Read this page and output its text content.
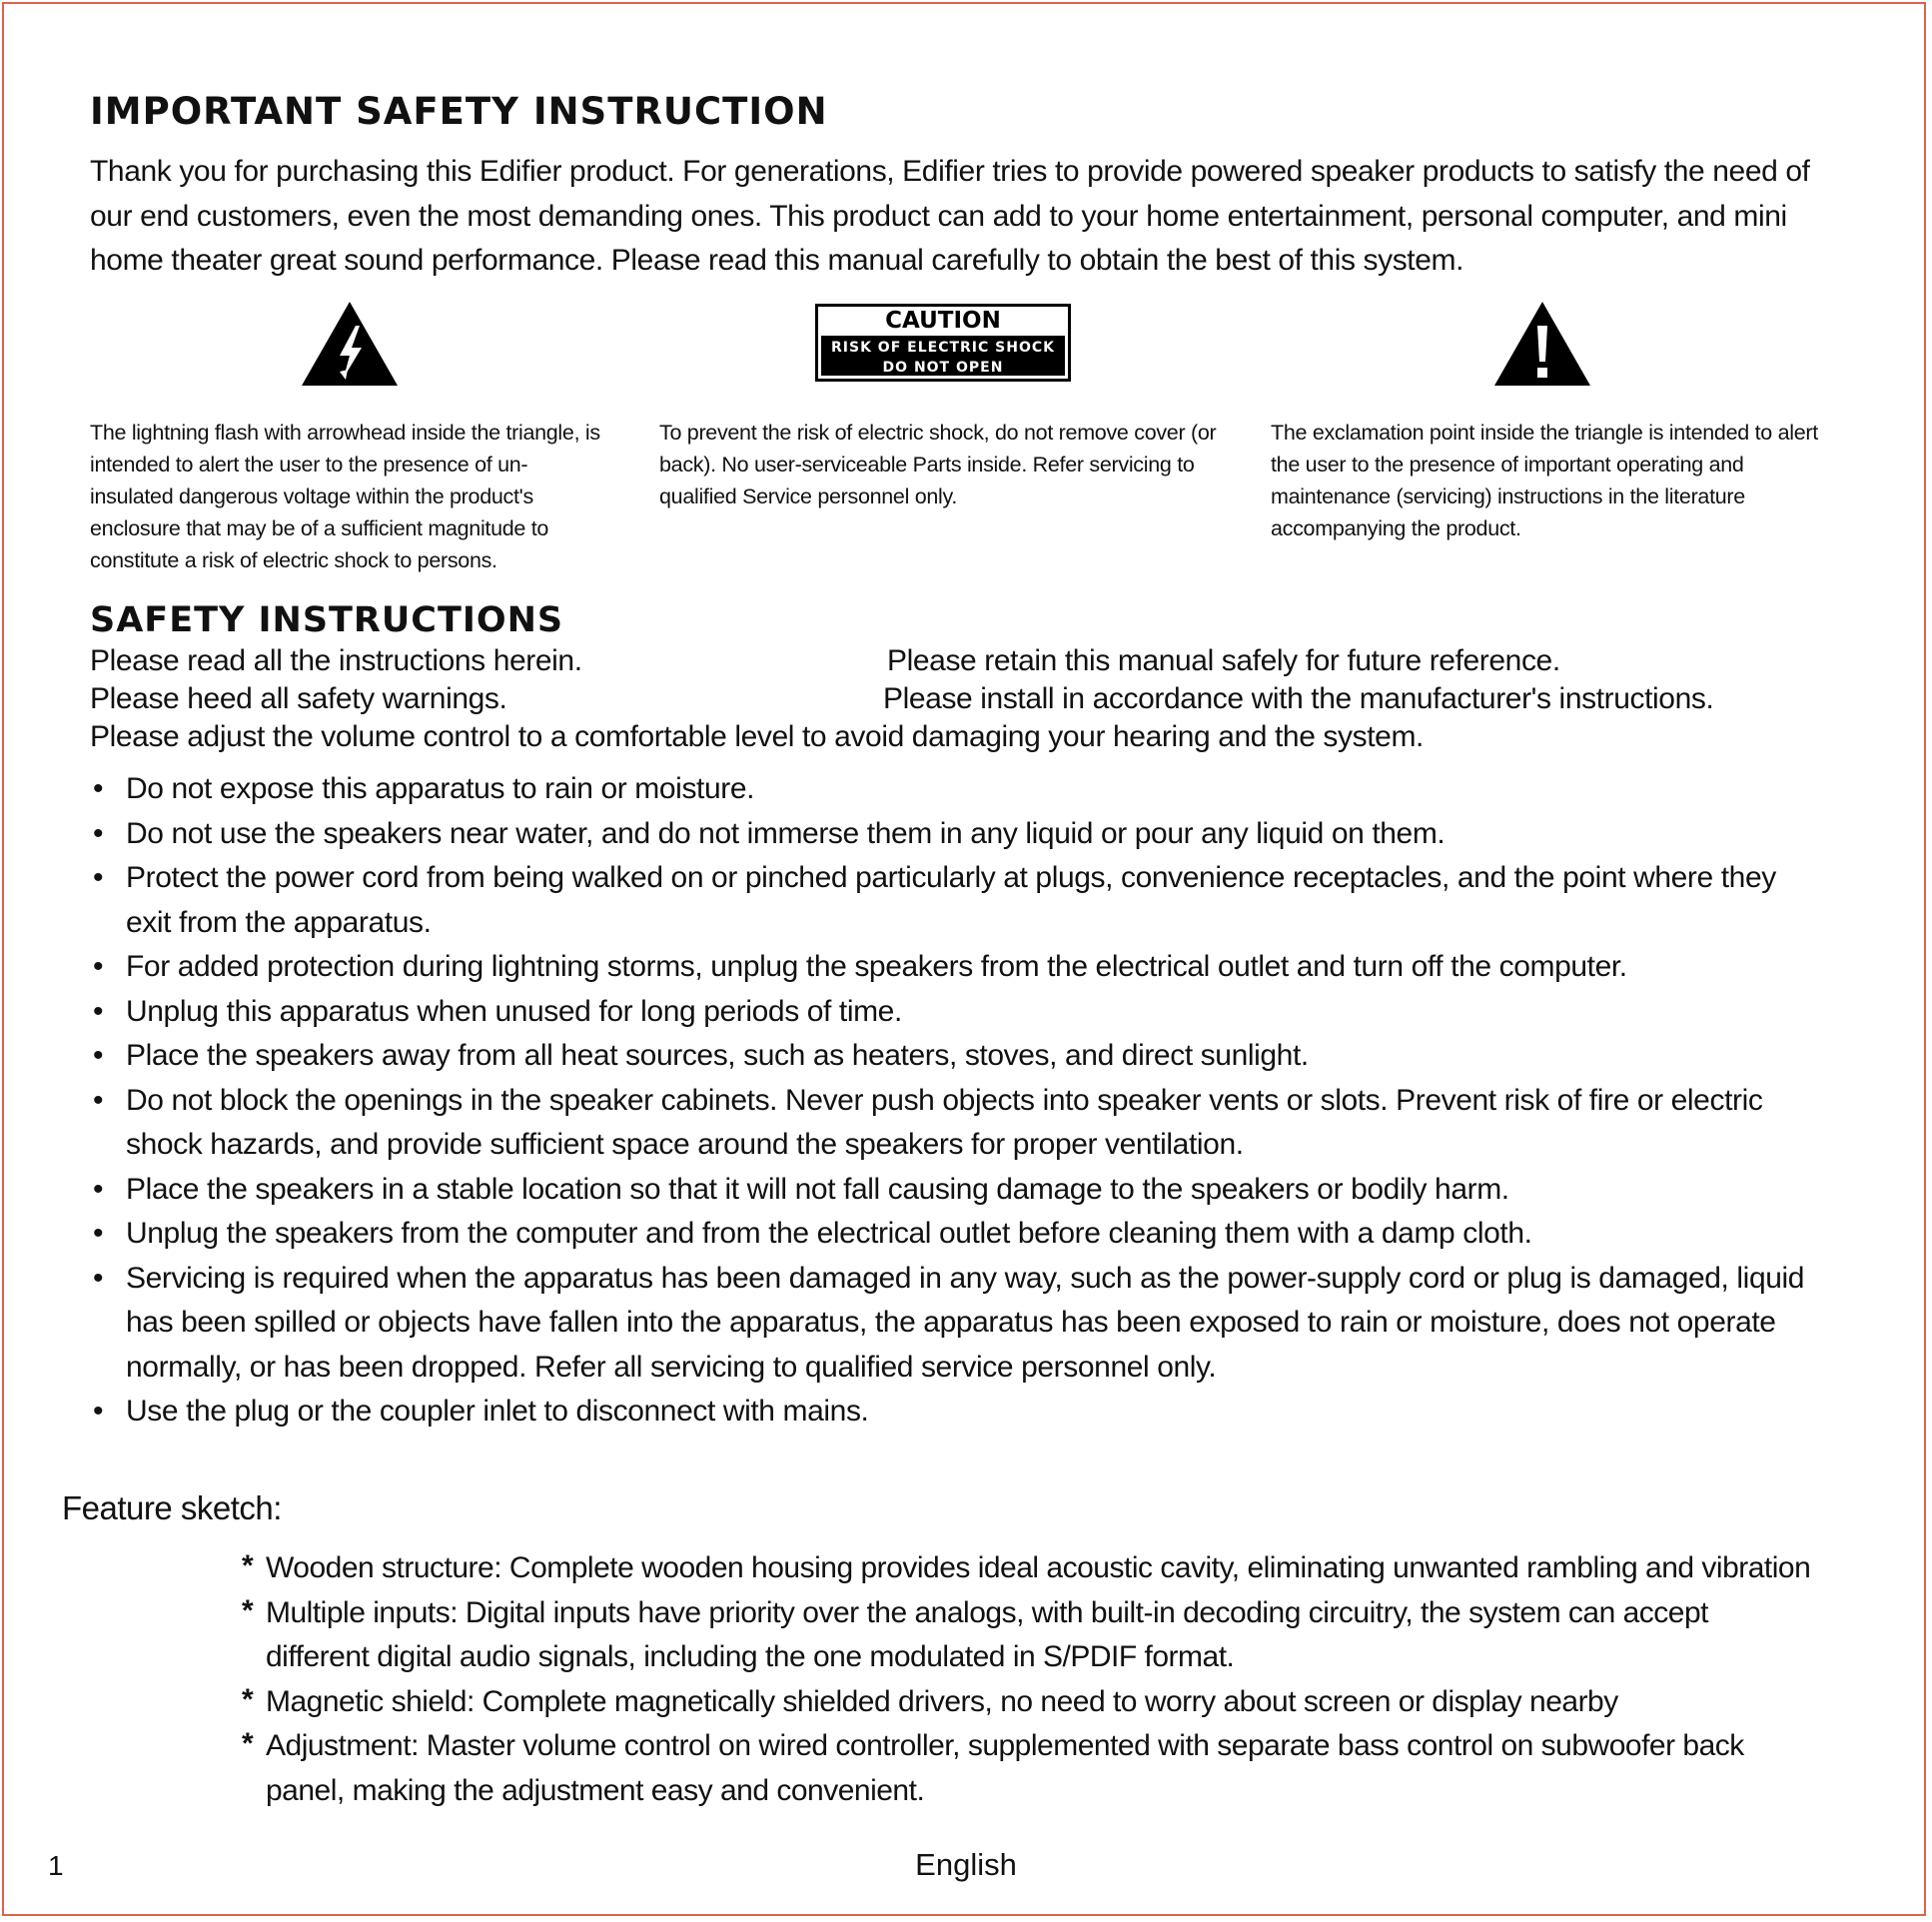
IMPORTANT SAFETY INSTRUCTION

Thank you for purchasing this Edifier product. For generations, Edifier tries to provide powered speaker products to satisfy the need of our end customers, even the most demanding ones. This product can add to your home entertainment, personal computer, and mini home theater great sound performance. Please read this manual carefully to obtain the best of this system.

CAUTION
RISK OF ELECTRIC SHOCK
DO NOT OPEN

The lightning flash with arrowhead inside the triangle, is intended to alert the user to the presence of un-insulated dangerous voltage within the product's enclosure that may be of a sufficient magnitude to constitute a risk of electric shock to persons.

To prevent the risk of electric shock, do not remove cover (or back). No user-serviceable Parts inside. Refer servicing to qualified Service personnel only.

The exclamation point inside the triangle is intended to alert the user to the presence of important operating and maintenance (servicing) instructions in the literature accompanying the product.

SAFETY INSTRUCTIONS

Please read all the instructions herein.	Please retain this manual safely for future reference.

Please heed all safety warnings.	Please install in accordance with the manufacturer's instructions.

Please adjust the volume control to a comfortable level to avoid damaging your hearing and the system.

• Do not expose this apparatus to rain or moisture.
• Do not use the speakers near water, and do not immerse them in any liquid or pour any liquid on them.
• Protect the power cord from being walked on or pinched particularly at plugs, convenience receptacles, and the point where they exit from the apparatus.
• For added protection during lightning storms, unplug the speakers from the electrical outlet and turn off the computer.
• Unplug this apparatus when unused for long periods of time.
• Place the speakers away from all heat sources, such as heaters, stoves, and direct sunlight.
• Do not block the openings in the speaker cabinets. Never push objects into speaker vents or slots. Prevent risk of fire or electric shock hazards, and provide sufficient space around the speakers for proper ventilation.
• Place the speakers in a stable location so that it will not fall causing damage to the speakers or bodily harm.
• Unplug the speakers from the computer and from the electrical outlet before cleaning them with a damp cloth.
• Servicing is required when the apparatus has been damaged in any way, such as the power-supply cord or plug is damaged, liquid has been spilled or objects have fallen into the apparatus, the apparatus has been exposed to rain or moisture, does not operate normally, or has been dropped. Refer all servicing to qualified service personnel only.
• Use the plug or the coupler inlet to disconnect with mains.
Feature sketch:
* Wooden structure: Complete wooden housing provides ideal acoustic cavity, eliminating unwanted rambling and vibration
* Multiple inputs: Digital inputs have priority over the analogs, with built-in decoding circuitry, the system can accept different digital audio signals, including the one modulated in S/PDIF format.
* Magnetic shield: Complete magnetically shielded drivers, no need to worry about screen or display nearby
* Adjustment: Master volume control on wired controller, supplemented with separate bass control on subwoofer back panel, making the adjustment easy and convenient.
1	English
